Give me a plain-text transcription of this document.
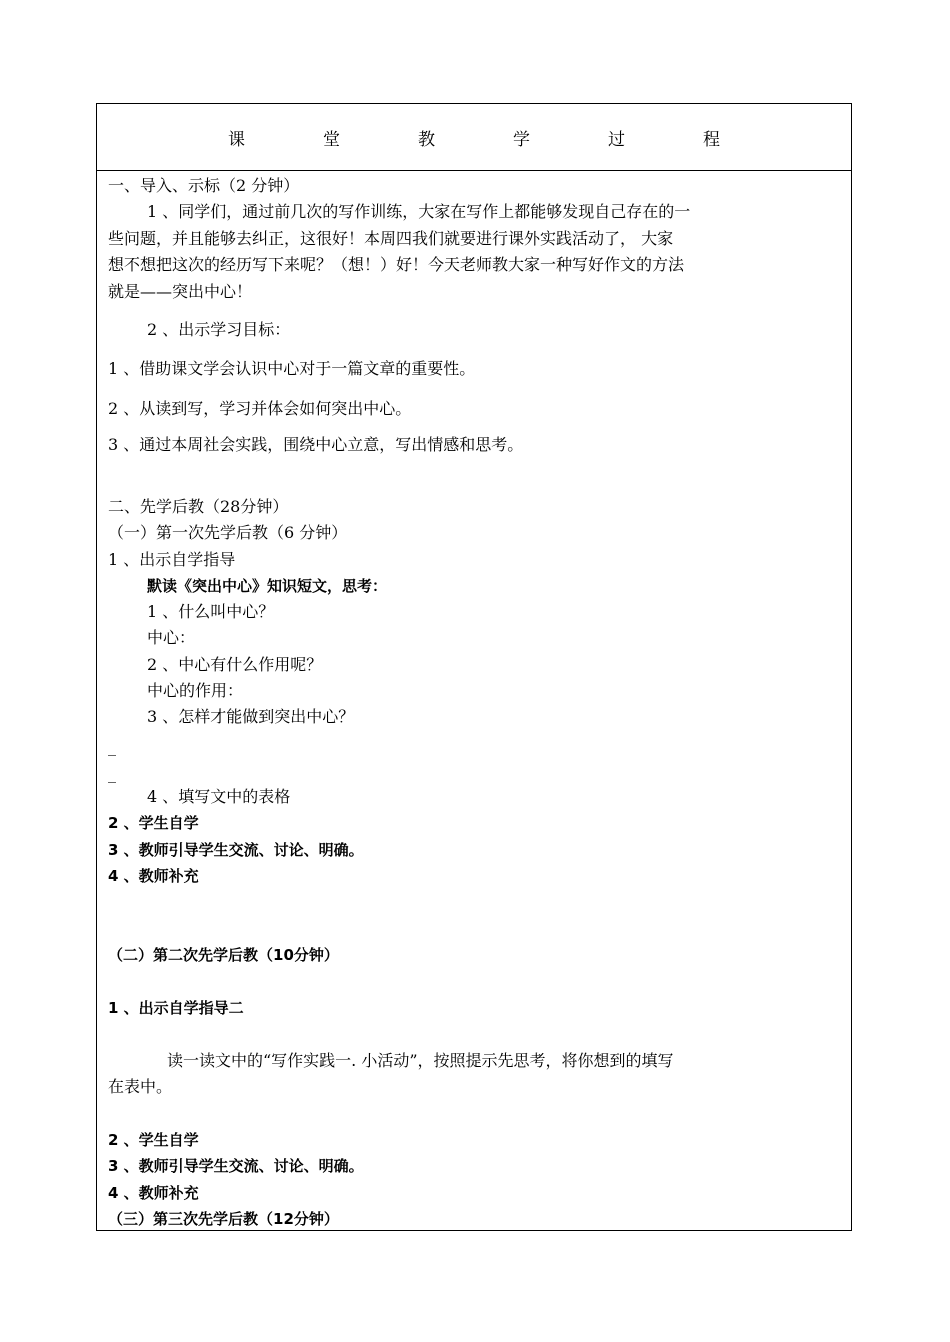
课	堂	教	学	过	程
一、导入、示标（2 分钟）
1 、同学们，通过前几次的写作训练，大家在写作上都能够发现自己存在的一
些问题，并且能够去纠正，这很好！本周四我们就要进行课外实践活动了， 大家
想不想把这次的经历写下来呢？（想！）好！今天老师教大家一种写好作文的方法
就是——突出中心！
2 、出示学习目标：
1 、借助课文学会认识中心对于一篇文章的重要性。
2 、从读到写，学习并体会如何突出中心。
3 、通过本周社会实践，围绕中心立意，写出情感和思考。
二、先学后教（28分钟）
（一）第一次先学后教（6 分钟）
1 、出示自学指导
默读《突出中心》知识短文，思考：
1 、什么叫中心？
中心：
2 、中心有什么作用呢？
中心的作用：
3 、怎样才能做到突出中心？
_
_
4 、填写文中的表格
2 、学生自学
3 、教师引导学生交流、讨论、明确。
4 、教师补充
（二）第二次先学后教（10分钟）
1 、出示自学指导二
读一读文中的“写作实践一. 小活动”，按照提示先思考，将你想到的填写
在表中。
2 、学生自学
3 、教师引导学生交流、讨论、明确。
4 、教师补充
（三）第三次先学后教（12分钟）
